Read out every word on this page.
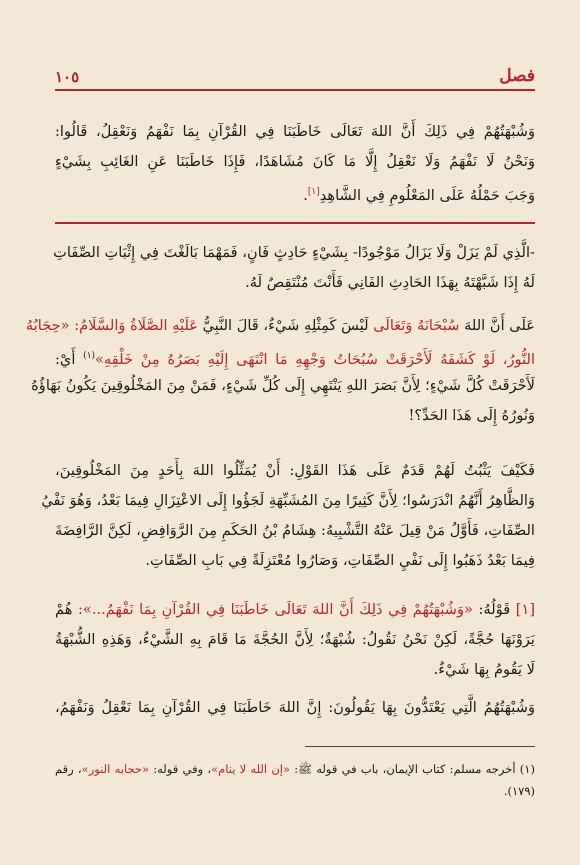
فصل
١٠٥
وَشُبْهَتُهُمْ فِي ذَلِكَ أَنَّ اللهَ تَعَالَى خَاطَبَنَا فِي القُرْآنِ بِمَا نَفْهَمُ وَنَعْقِلُ، قَالُوا:
وَنَحْنُ لَا نَفْهَمُ وَلَا نَعْقِلُ إِلَّا مَا كَانَ مُشَاهَدًا، فَإِذَا خَاطَبَنَا عَنِ الغَائِبِ بِشَيْءٍ
وَجَبَ حَمْلُهُ عَلَى المَعْلُومِ فِي الشَّاهِدِ[١].
-الَّذِي لَمْ يَزَلْ وَلَا يَزَالُ مَوْجُودًا- بِشَيْءٍ حَادِثٍ فَانٍ، فَمَهْمَا بَالَغْتَ فِي إِثْبَاتِ الصِّفَاتِ
لَهُ إِذَا شَبَّهْتَهُ بِهَذَا الحَادِثِ الفَانِي فَأَنْتَ مُنْتَقِصٌ لَهُ.
عَلَى أَنَّ اللهَ سُبْحَانَهُ وَتَعَالَى لَيْسَ كَمِثْلِهِ شَيْءٌ، قَالَ النَّبِيُّ عَلَيْهِ الصَّلَاةُ وَالسَّلَامُ: «حِجَابُهُ
النُّورُ، لَوْ كَشَفَهُ لَأَحْرَقَتْ سُبُحَاتُ وَجْهِهِ مَا انْتَهَى إِلَيْهِ بَصَرُهُ مِنْ خَلْقِهِ»$^{(١)}$ أَيْ:
لَأَحْرَقَتْ كُلَّ شَيْءٍ؛ لِأَنَّ بَصَرَ اللهِ يَنْتَهِي إِلَى كُلِّ شَيْءٍ، فَمَنْ مِنَ المَخْلُوقِينَ يَكُونُ بَهَاؤُهُ
وَنُورُهُ إِلَى هَذَا الحَدِّ؟!
فَكَيْفَ يَثْبُتُ لَهُمْ قَدَمٌ عَلَى هَذَا القَوْلِ: أَنْ يُمَثِّلُوا اللهَ بِأَحَدٍ مِنَ المَخْلُوقِينَ،
وَالظَّاهِرُ أَنَّهُمُ انْدَرَسُوا؛ لِأَنَّ كَثِيرًا مِنَ المُشَبِّهَةِ لَجَؤُوا إِلَى الاعْتِزَالِ فِيمَا بَعْدُ، وَهُوَ نَفْيُ
الصِّفَاتِ، فَأَوَّلُ مَنْ قِيلَ عَنْهُ التَّشْبِيهُ: هِشَامُ بْنُ الحَكَمِ مِنَ الرَّوَافِضِ، لَكِنَّ الرَّافِضَةَ
فِيمَا بَعْدُ ذَهَبُوا إِلَى نَفْيِ الصِّفَاتِ، وَصَارُوا مُعْتَزِلَةً فِي بَابِ الصِّفَاتِ.
[١] قَوْلُهُ: «وَشُبْهَتُهُمْ فِي ذَلِكَ أَنَّ اللهَ تَعَالَى خَاطَبَنَا فِي القُرْآنِ بِمَا نَفْهَمُ...»: هُمْ
يَرَوْنَهَا حُجَّةً، لَكِنْ نَحْنُ نَقُولُ: شُبْهَةٌ؛ لِأَنَّ الحُجَّةَ مَا قَامَ بِهِ الشَّيْءُ، وَهَذِهِ الشُّبْهَةُ
لَا يَقُومُ بِهَا شَيْءٌ.
وَشُبْهَتُهُمُ الَّتِي يَعْتَدُّونَ بِهَا يَقُولُونَ: إِنَّ اللهَ خَاطَبَنَا فِي القُرْآنِ بِمَا نَعْقِلُ وَنَفْهَمُ،
(١) أخرجه مسلم: كتاب الإيمان، باب في قوله ﷺ: «إن الله لا ينام»، وفي قوله: «حجابه النور»، رقم
(١٧٩).
